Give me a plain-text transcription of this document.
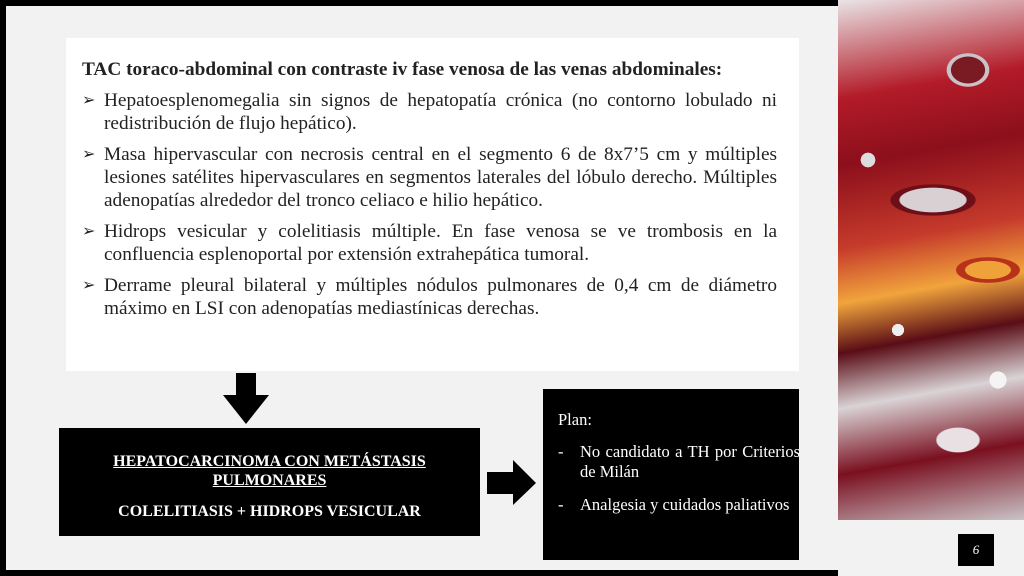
6
TAC toraco-abdominal con contraste iv fase venosa de las venas abdominales:
➢ Hepatoesplenomegalia sin signos de hepatopatía crónica (no contorno lobulado ni redistribución de flujo hepático).
➢ Masa hipervascular con necrosis central en el segmento 6 de 8x7’5 cm y múltiples lesiones satélites hipervasculares en segmentos laterales del lóbulo derecho. Múltiples adenopatías alrededor del tronco celiaco e hilio hepático.
➢ Hidrops vesicular y colelitiasis múltiple. En fase venosa se ve trombosis en la confluencia esplenoportal por extensión extrahepática tumoral.
➢ Derrame pleural bilateral y múltiples nódulos pulmonares de 0,4 cm de diámetro máximo en LSI con adenopatías mediastínicas derechas.
HEPATOCARCINOMA CON METÁSTASIS PULMONARES
COLELITIASIS + HIDROPS VESICULAR
Plan:
- No candidato a TH por Criterios de Milán
- Analgesia y cuidados paliativos
